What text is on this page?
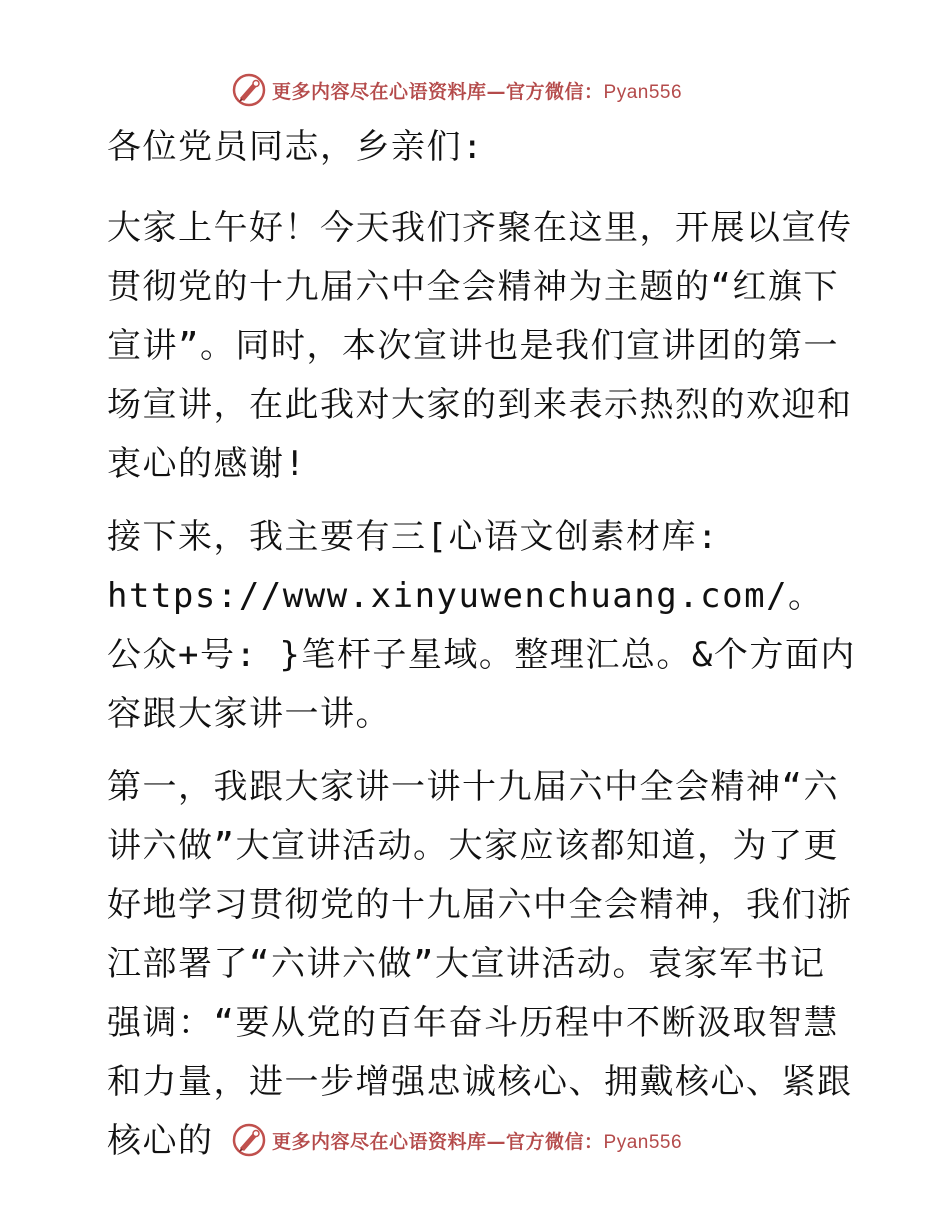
更多内容尽在心语资料库—官方微信：Pyan556
各位党员同志，乡亲们:
大家上午好！今天我们齐聚在这里，开展以宣传贯彻党的十九届六中全会精神为主题的“红旗下宣讲”。同时，本次宣讲也是我们宣讲团的第一场宣讲，在此我对大家的到来表示热烈的欢迎和衷心的感谢!
接下来，我主要有三[心语文创素材库: https://www.xinyuwenchuang.com/。公众+号: }笔杆子星域。整理汇总。&个方面内容跟大家讲一讲。
第一，我跟大家讲一讲十九届六中全会精神“六讲六做”大宣讲活动。大家应该都知道，为了更好地学习贯彻党的十九届六中全会精神，我们浙江部署了“六讲六做”大宣讲活动。袁家军书记强调：“要从党的百年奋斗历程中不断汲取智慧和力量，进一步增强忠诚核心、拥戴核心、紧跟核心的	更多内容尽在心语资料库—官方微信：Pyan556
